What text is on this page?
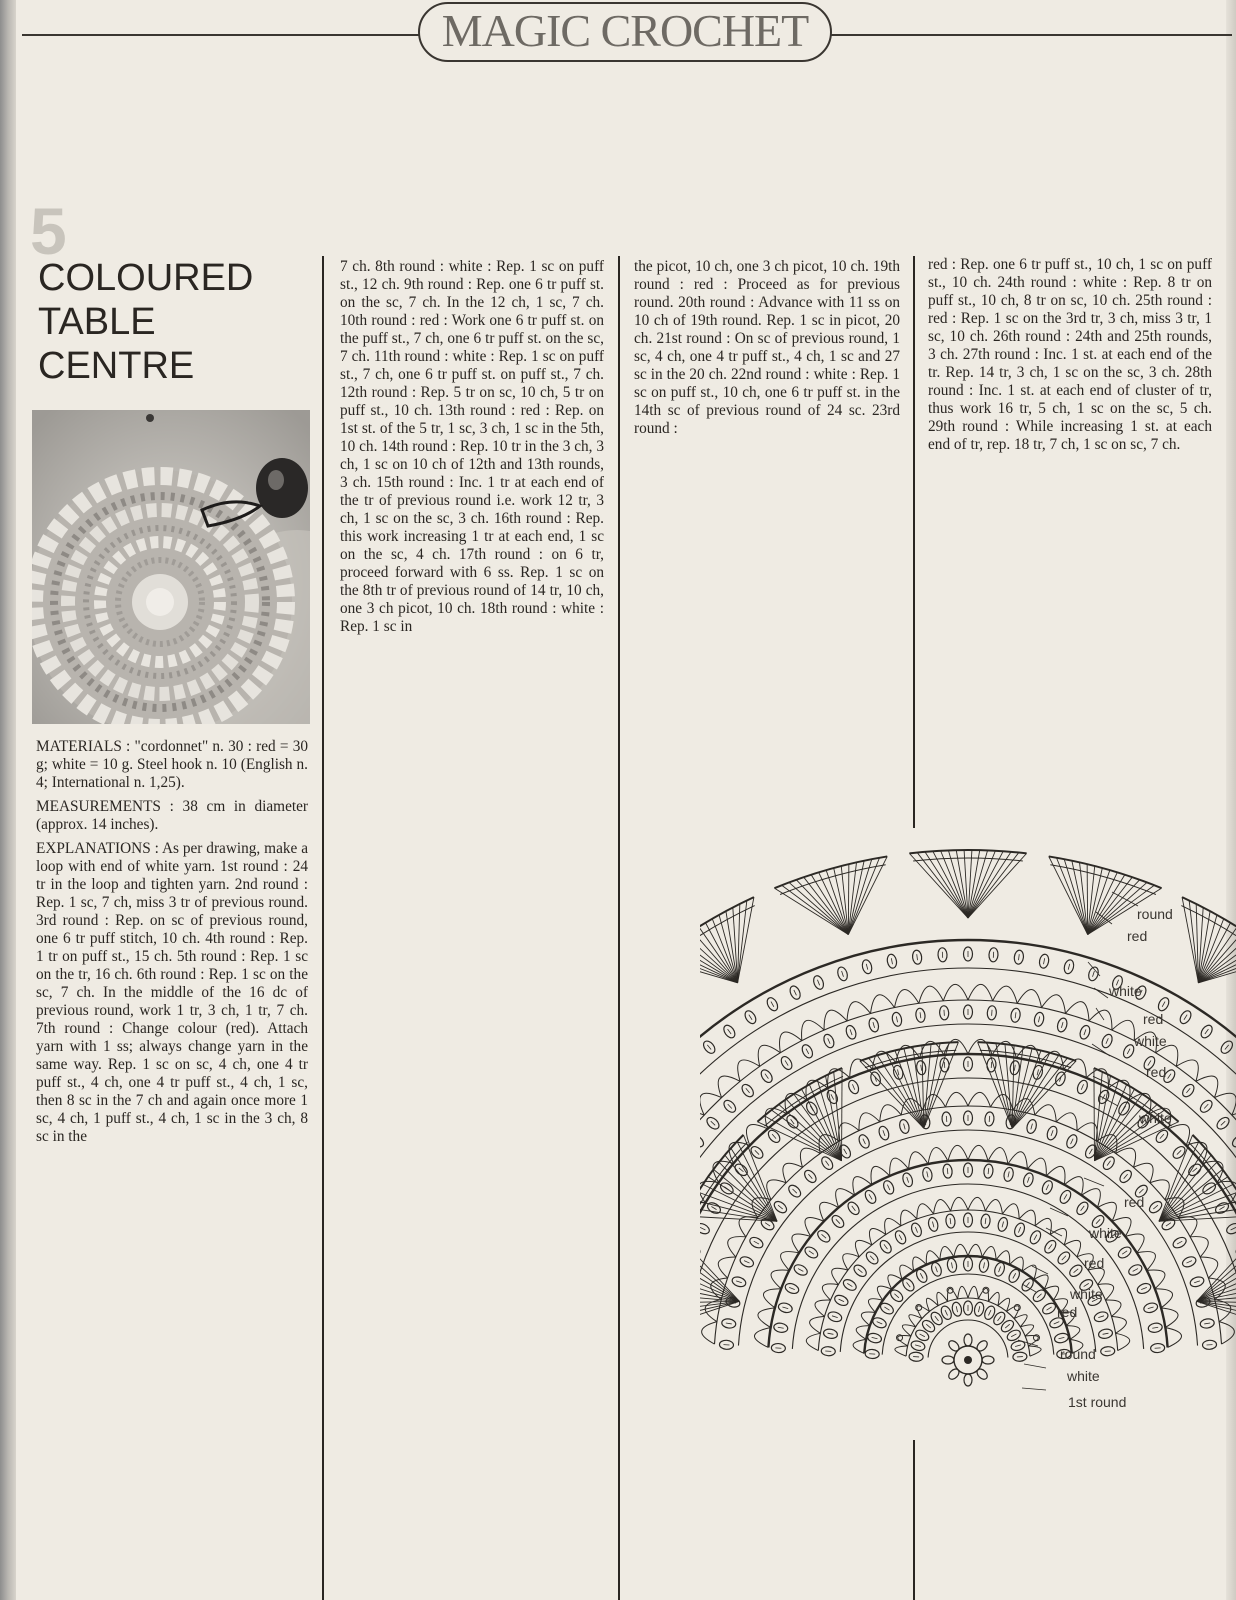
MAGIC CROCHET
5
COLOURED
TABLE
CENTRE

MATERIALS : "cordonnet" n. 30 : red = 30 g; white = 10 g. Steel hook n. 10 (English n. 4; International n. 1,25).

MEASUREMENTS : 38 cm in diameter (approx. 14 inches).

EXPLANATIONS : As per drawing, make a loop with end of white yarn. 1st round : 24 tr in the loop and tighten yarn. 2nd round : Rep. 1 sc, 7 ch, miss 3 tr of previous round. 3rd round : Rep. on sc of previous round, one 6 tr puff stitch, 10 ch. 4th round : Rep. 1 tr on puff st., 15 ch. 5th round : Rep. 1 sc on the tr, 16 ch. 6th round : Rep. 1 sc on the sc, 7 ch. In the middle of the 16 dc of previous round, work 1 tr, 3 ch, 1 tr, 7 ch. 7th round : Change colour (red). Attach yarn with 1 ss; always change yarn in the same way. Rep. 1 sc on sc, 4 ch, one 4 tr puff st., 4 ch, one 4 tr puff st., 4 ch, 1 sc, then 8 sc in the 7 ch and again once more 1 sc, 4 ch, 1 puff st., 4 ch, 1 sc in the 3 ch, 8 sc in the

7 ch. 8th round : white : Rep. 1 sc on puff st., 12 ch. 9th round : Rep. one 6 tr puff st. on the sc, 7 ch. In the 12 ch, 1 sc, 7 ch. 10th round : red : Work one 6 tr puff st. on the puff st., 7 ch, one 6 tr puff st. on the sc, 7 ch. 11th round : white : Rep. 1 sc on puff st., 7 ch, one 6 tr puff st. on puff st., 7 ch. 12th round : Rep. 5 tr on sc, 10 ch, 5 tr on puff st., 10 ch. 13th round : red : Rep. on 1st st. of the 5 tr, 1 sc, 3 ch, 1 sc in the 5th, 10 ch. 14th round : Rep. 10 tr in the 3 ch, 3 ch, 1 sc on 10 ch of 12th and 13th rounds, 3 ch. 15th round : Inc. 1 tr at each end of the tr of previous round i.e. work 12 tr, 3 ch, 1 sc on the sc, 3 ch. 16th round : Rep. this work increasing 1 tr at each end, 1 sc on the sc, 4 ch. 17th round : on 6 tr, proceed forward with 6 ss. Rep. 1 sc on the 8th tr of previous round of 14 tr, 10 ch, one 3 ch picot, 10 ch. 18th round : white : Rep. 1 sc in

the picot, 10 ch, one 3 ch picot, 10 ch. 19th round : red : Proceed as for previous round. 20th round : Advance with 11 ss on 10 ch of 19th round. Rep. 1 sc in picot, 20 ch. 21st round : On sc of previous round, 1 sc, 4 ch, one 4 tr puff st., 4 ch, 1 sc and 27 sc in the 20 ch. 22nd round : white : Rep. 1 sc on puff st., 10 ch, one 6 tr puff st. in the 14th sc of previous round of 24 sc. 23rd round :

red : Rep. one 6 tr puff st., 10 ch, 1 sc on puff st., 10 ch. 24th round : white : Rep. 8 tr on puff st., 10 ch, 8 tr on sc, 10 ch. 25th round : red : Rep. 1 sc on the 3rd tr, 3 ch, miss 3 tr, 1 sc, 10 ch. 26th round : 24th and 25th rounds, 3 ch. 27th round : Inc. 1 st. at each end of the tr. Rep. 14 tr, 3 ch, 1 sc on the sc, 3 ch. 28th round : Inc. 1 st. at each end of cluster of tr, thus work 16 tr, 5 ch, 1 sc on the sc, 5 ch. 29th round : While increasing 1 st. at each end of tr, rep. 18 tr, 7 ch, 1 sc on sc, 7 ch.

round
red
white
red
white
red
white
red
white
red
white
red
round
white
1st round
